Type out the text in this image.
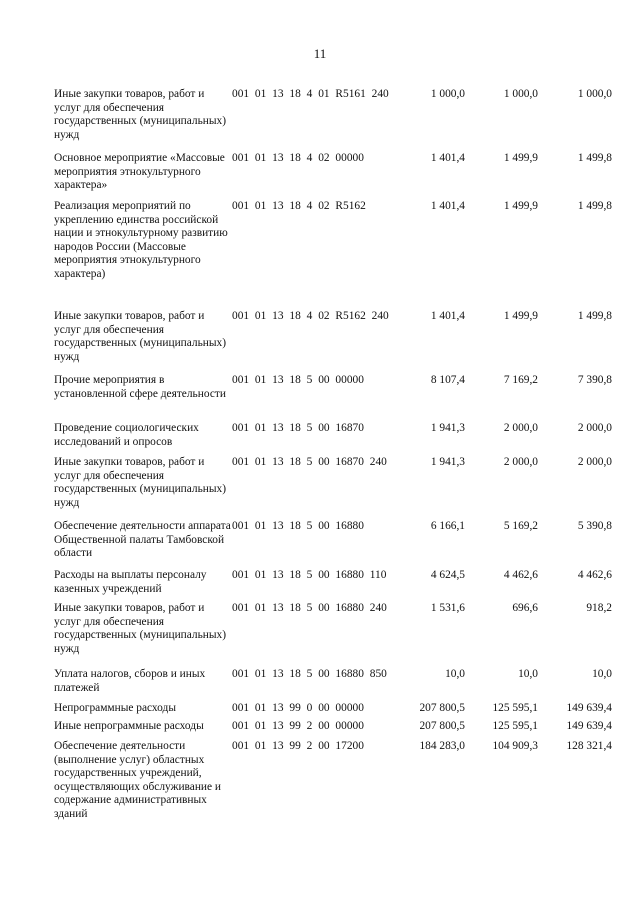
11
Иные закупки товаров, работ и услуг для обеспечения государственных (муниципальных) нужд
001 01 13 18 4 01 R5161 240	1 000,0	1 000,0	1 000,0
Основное мероприятие «Массовые мероприятия этнокультурного характера»
001 01 13 18 4 02 00000	1 401,4	1 499,9	1 499,8
Реализация мероприятий по укреплению единства российской нации и этнокультурному развитию народов России (Массовые мероприятия этнокультурного характера)
001 01 13 18 4 02 R5162	1 401,4	1 499,9	1 499,8
Иные закупки товаров, работ и услуг для обеспечения государственных (муниципальных) нужд
001 01 13 18 4 02 R5162 240	1 401,4	1 499,9	1 499,8
Прочие мероприятия в установленной сфере деятельности
001 01 13 18 5 00 00000	8 107,4	7 169,2	7 390,8
Проведение социологических исследований и опросов
001 01 13 18 5 00 16870	1 941,3	2 000,0	2 000,0
Иные закупки товаров, работ и услуг для обеспечения государственных (муниципальных) нужд
001 01 13 18 5 00 16870 240	1 941,3	2 000,0	2 000,0
Обеспечение деятельности аппарата Общественной палаты Тамбовской области
001 01 13 18 5 00 16880	6 166,1	5 169,2	5 390,8
Расходы на выплаты персоналу казенных учреждений
001 01 13 18 5 00 16880 110	4 624,5	4 462,6	4 462,6
Иные закупки товаров, работ и услуг для обеспечения государственных (муниципальных) нужд
001 01 13 18 5 00 16880 240	1 531,6	696,6	918,2
Уплата налогов, сборов и иных платежей
001 01 13 18 5 00 16880 850	10,0	10,0	10,0
Непрограммные расходы	001 01 13 99 0 00 00000	207 800,5	125 595,1	149 639,4
Иные непрограммные расходы	001 01 13 99 2 00 00000	207 800,5	125 595,1	149 639,4
Обеспечение деятельности (выполнение услуг) областных государственных учреждений, осуществляющих обслуживание и содержание административных зданий
001 01 13 99 2 00 17200	184 283,0	104 909,3	128 321,4
